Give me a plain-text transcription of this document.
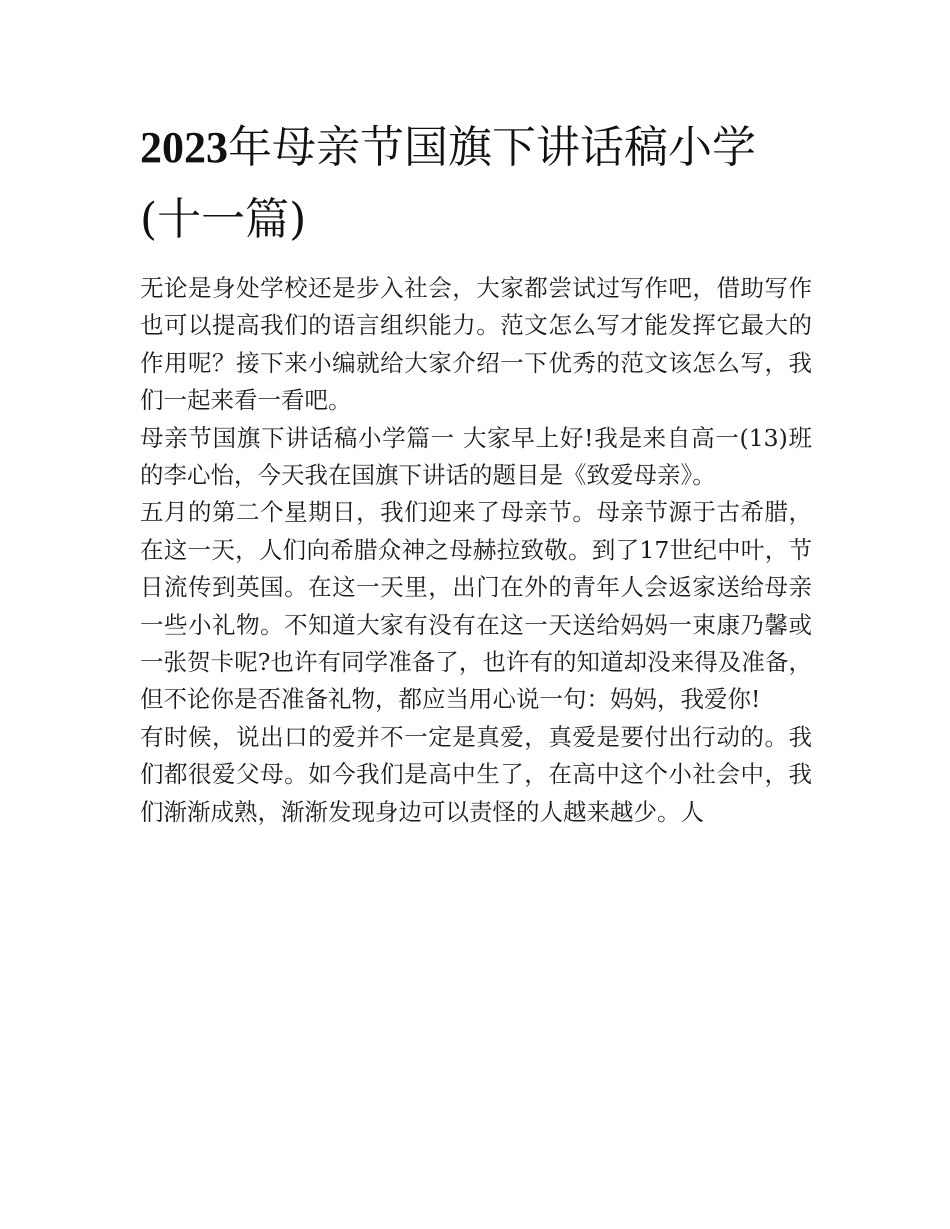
2023年母亲节国旗下讲话稿小学(十一篇)

无论是身处学校还是步入社会，大家都尝试过写作吧，借助写作也可以提高我们的语言组织能力。范文怎么写才能发挥它最大的作用呢？接下来小编就给大家介绍一下优秀的范文该怎么写，我们一起来看一看吧。

母亲节国旗下讲话稿小学篇一 大家早上好!我是来自高一(13)班的李心怡，今天我在国旗下讲话的题目是《致爱母亲》。

五月的第二个星期日，我们迎来了母亲节。母亲节源于古希腊，在这一天，人们向希腊众神之母赫拉致敬。到了17世纪中叶，节日流传到英国。在这一天里，出门在外的青年人会返家送给母亲一些小礼物。不知道大家有没有在这一天送给妈妈一束康乃馨或一张贺卡呢?也许有同学准备了，也许有的知道却没来得及准备，但不论你是否准备礼物，都应当用心说一句：妈妈，我爱你!

有时候，说出口的爱并不一定是真爱，真爱是要付出行动的。我们都很爱父母。如今我们是高中生了，在高中这个小社会中，我们渐渐成熟，渐渐发现身边可以责怪的人越来越少。人
